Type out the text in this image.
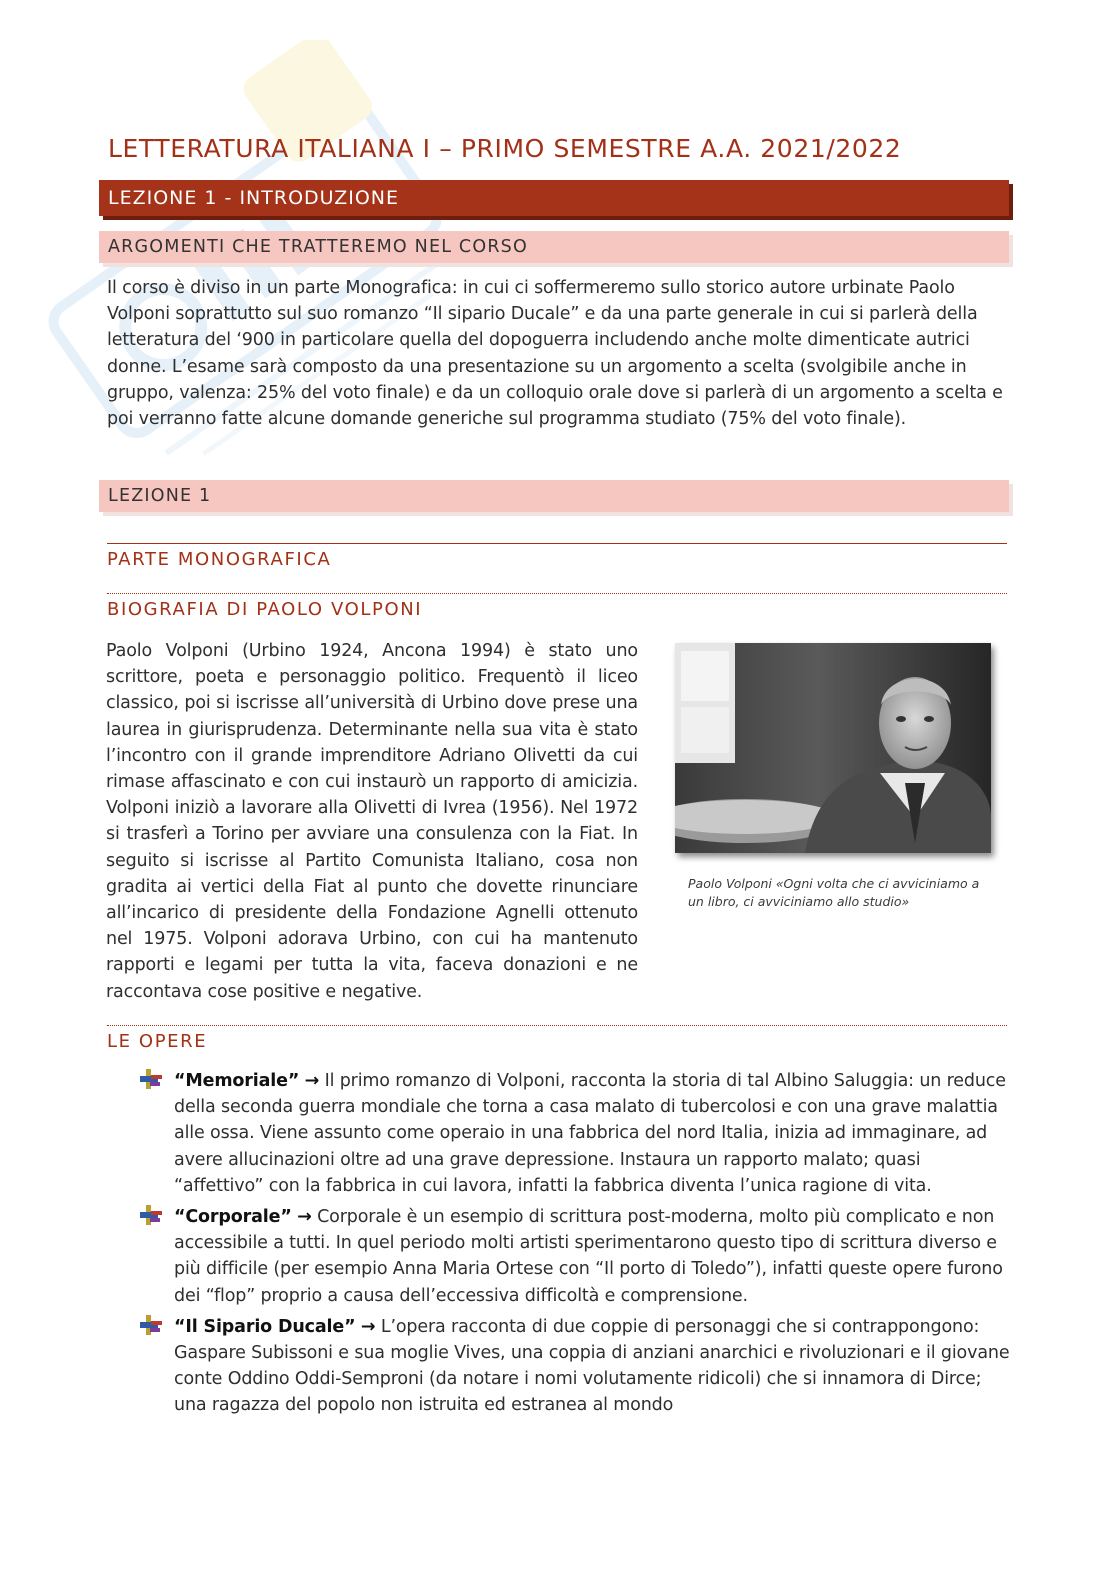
LETTERATURA ITALIANA I – PRIMO SEMESTRE A.A. 2021/2022
LEZIONE 1 - INTRODUZIONE
ARGOMENTI CHE TRATTEREMO NEL CORSO

Il corso è diviso in un parte Monografica: in cui ci soffermeremo sullo storico autore urbinate Paolo Volponi soprattutto sul suo romanzo “Il sipario Ducale” e da una parte generale in cui si parlerà della letteratura del ‘900 in particolare quella del dopoguerra includendo anche molte dimenticate autrici donne. L’esame sarà composto da una presentazione su un argomento a scelta (svolgibile anche in gruppo, valenza: 25% del voto finale) e da un colloquio orale dove si parlerà di un argomento a scelta e poi verranno fatte alcune domande generiche sul programma studiato (75% del voto finale).

LEZIONE 1
PARTE MONOGRAFICA
BIOGRAFIA DI PAOLO VOLPONI

Paolo Volponi (Urbino 1924, Ancona 1994) è stato uno scrittore, poeta e personaggio politico. Frequentò il liceo classico, poi si iscrisse all’università di Urbino dove prese una laurea in giurisprudenza. Determinante nella sua vita è stato l’incontro con il grande imprenditore Adriano Olivetti da cui rimase affascinato e con cui instaurò un rapporto di amicizia. Volponi iniziò a lavorare alla Olivetti di Ivrea (1956). Nel 1972 si trasferì a Torino per avviare una consulenza con la Fiat. In seguito si iscrisse al Partito Comunista Italiano, cosa non gradita ai vertici della Fiat al punto che dovette rinunciare all’incarico di presidente della Fondazione Agnelli ottenuto nel 1975. Volponi adorava Urbino, con cui ha mantenuto rapporti e legami per tutta la vita, faceva donazioni e ne raccontava cose positive e negative.

Paolo Volponi «Ogni volta che ci avviciniamo a un libro, ci avviciniamo allo studio»

LE OPERE
“Memoriale” → Il primo romanzo di Volponi, racconta la storia di tal Albino Saluggia: un reduce della seconda guerra mondiale che torna a casa malato di tubercolosi e con una grave malattia alle ossa. Viene assunto come operaio in una fabbrica del nord Italia, inizia ad immaginare, ad avere allucinazioni oltre ad una grave depressione. Instaura un rapporto malato; quasi “affettivo” con la fabbrica in cui lavora, infatti la fabbrica diventa l’unica ragione di vita.
“Corporale” → Corporale è un esempio di scrittura post-moderna, molto più complicato e non accessibile a tutti. In quel periodo molti artisti sperimentarono questo tipo di scrittura diverso e più difficile (per esempio Anna Maria Ortese con “Il porto di Toledo”), infatti queste opere furono dei “flop” proprio a causa dell’eccessiva difficoltà e comprensione.
“Il Sipario Ducale” → L’opera racconta di due coppie di personaggi che si contrappongono: Gaspare Subissoni e sua moglie Vives, una coppia di anziani anarchici e rivoluzionari e il giovane conte Oddino Oddi-Semproni (da notare i nomi volutamente ridicoli) che si innamora di Dirce; una ragazza del popolo non istruita ed estranea al mondo
